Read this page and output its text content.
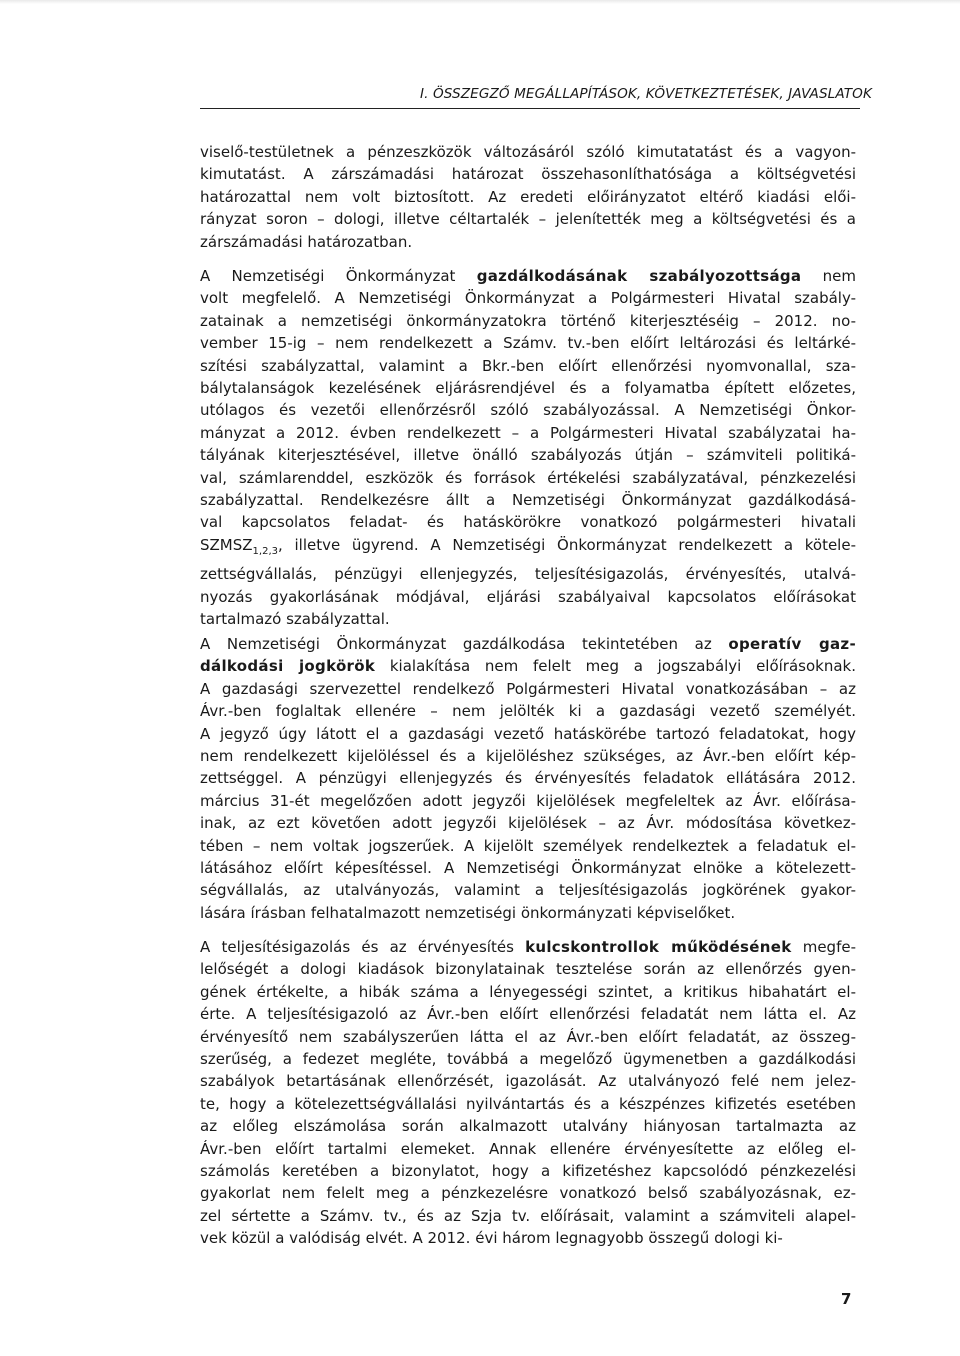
I. ÖSSZEGZŐ MEGÁLLAPÍTÁSOK, KÖVETKEZTETÉSEK, JAVASLATOK
viselő-testületnek a pénzeszközök változásáról szóló kimutatatást és a vagyon-
kimutatást. A zárszámadási határozat összehasonlíthatósága a költségvetési
határozattal nem volt biztosított. Az eredeti előirányzatot eltérő kiadási elői-
rányzat soron – dologi, illetve céltartalék – jelenítették meg a költségvetési és a
zárszámadási határozatban.
A Nemzetiségi Önkormányzat gazdálkodásának szabályozottsága nem
volt megfelelő. A Nemzetiségi Önkormányzat a Polgármesteri Hivatal szabály-
zatainak a nemzetiségi önkormányzatokra történő kiterjesztéséig – 2012. no-
vember 15-ig – nem rendelkezett a Számv. tv.-ben előírt leltározási és leltárké-
szítési szabályzattal, valamint a Bkr.-ben előírt ellenőrzési nyomvonallal, sza-
bálytalanságok kezelésének eljárásrendjével és a folyamatba épített előzetes,
utólagos és vezetői ellenőrzésről szóló szabályozással. A Nemzetiségi Önkor-
mányzat a 2012. évben rendelkezett – a Polgármesteri Hivatal szabályzatai ha-
tályának kiterjesztésével, illetve önálló szabályozás útján – számviteli politiká-
val, számlarenddel, eszközök és források értékelési szabályzatával, pénzkezelési
szabályzattal. Rendelkezésre állt a Nemzetiségi Önkormányzat gazdálkodásá-
val kapcsolatos feladat- és hatáskörökre vonatkozó polgármesteri hivatali
$SZMSZ_{1,2,3}$, illetve ügyrend. A Nemzetiségi Önkormányzat rendelkezett a kötele-
zettségvállalás, pénzügyi ellenjegyzés, teljesítésigazolás, érvényesítés, utalvá-
nyozás gyakorlásának módjával, eljárási szabályaival kapcsolatos előírásokat
tartalmazó szabályzattal.
A Nemzetiségi Önkormányzat gazdálkodása tekintetében az operatív gaz-
dálkodási jogkörök kialakítása nem felelt meg a jogszabályi előírásoknak.
A gazdasági szervezettel rendelkező Polgármesteri Hivatal vonatkozásában – az
Ávr.-ben foglaltak ellenére – nem jelölték ki a gazdasági vezető személyét.
A jegyző úgy látott el a gazdasági vezető hatáskörébe tartozó feladatokat, hogy
nem rendelkezett kijelöléssel és a kijelöléshez szükséges, az Ávr.-ben előírt kép-
zettséggel. A pénzügyi ellenjegyzés és érvényesítés feladatok ellátására 2012.
március 31-ét megelőzően adott jegyzői kijelölések megfeleltek az Ávr. előírása-
inak, az ezt követően adott jegyzői kijelölések – az Ávr. módosítása következ-
tében – nem voltak jogszerűek. A kijelölt személyek rendelkeztek a feladatuk el-
látásához előírt képesítéssel. A Nemzetiségi Önkormányzat elnöke a kötelezett-
ségvállalás, az utalványozás, valamint a teljesítésigazolás jogkörének gyakor-
lására írásban felhatalmazott nemzetiségi önkormányzati képviselőket.
A teljesítésigazolás és az érvényesítés kulcskontrollok működésének megfe-
lelőségét a dologi kiadások bizonylatainak tesztelése során az ellenőrzés gyen-
gének értékelte, a hibák száma a lényegességi szintet, a kritikus hibahatárt el-
érte. A teljesítésigazoló az Ávr.-ben előírt ellenőrzési feladatát nem látta el. Az
érvényesítő nem szabályszerűen látta el az Ávr.-ben előírt feladatát, az összeg-
szerűség, a fedezet megléte, továbbá a megelőző ügymenetben a gazdálkodási
szabályok betartásának ellenőrzését, igazolását. Az utalványozó felé nem jelez-
te, hogy a kötelezettségvállalási nyilvántartás és a készpénzes kifizetés esetében
az előleg elszámolása során alkalmazott utalvány hiányosan tartalmazta az
Ávr.-ben előírt tartalmi elemeket. Annak ellenére érvényesítette az előleg el-
számolás keretében a bizonylatot, hogy a kifizetéshez kapcsolódó pénzkezelési
gyakorlat nem felelt meg a pénzkezelésre vonatkozó belső szabályozásnak, ez-
zel sértette a Számv. tv., és az Szja tv. előírásait, valamint a számviteli alapel-
vek közül a valódiság elvét. A 2012. évi három legnagyobb összegű dologi ki-
7
